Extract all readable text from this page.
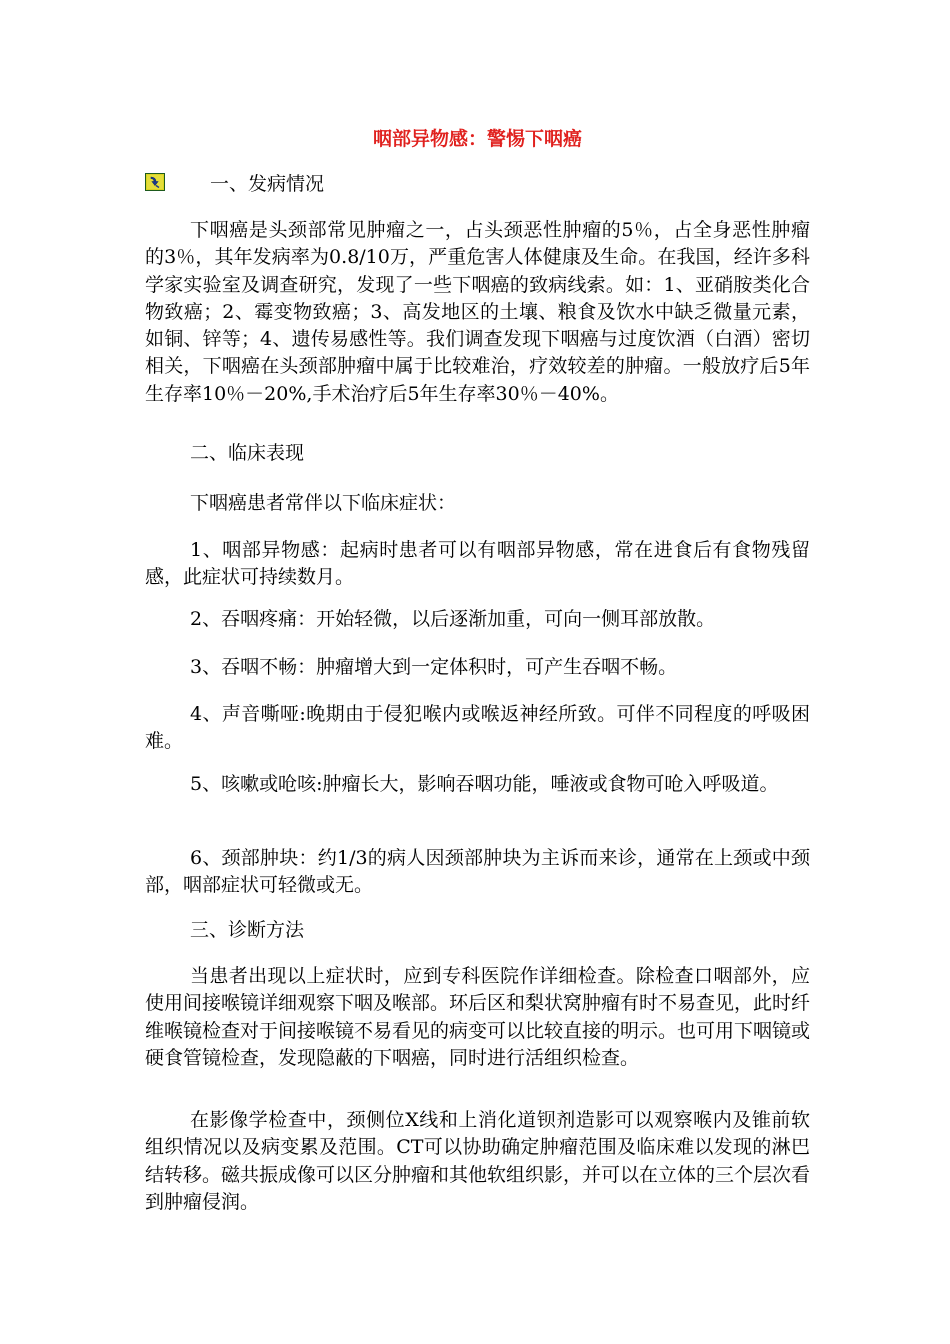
咽部异物感：警惕下咽癌
一、发病情况
下咽癌是头颈部常见肿瘤之一，占头颈恶性肿瘤的5％，占全身恶性肿瘤的3％，其年发病率为0.8/10万，严重危害人体健康及生命。在我国，经许多科学家实验室及调查研究，发现了一些下咽癌的致病线索。如：1、亚硝胺类化合物致癌；2、霉变物致癌；3、高发地区的土壤、粮食及饮水中缺乏微量元素，如铜、锌等；4、遗传易感性等。我们调查发现下咽癌与过度饮酒（白酒）密切相关，下咽癌在头颈部肿瘤中属于比较难治，疗效较差的肿瘤。一般放疗后5年生存率10％－20%,手术治疗后5年生存率30％－40%。
二、临床表现
下咽癌患者常伴以下临床症状：
1、咽部异物感：起病时患者可以有咽部异物感，常在进食后有食物残留感，此症状可持续数月。
2、吞咽疼痛：开始轻微，以后逐渐加重，可向一侧耳部放散。
3、吞咽不畅：肿瘤增大到一定体积时，可产生吞咽不畅。
4、声音嘶哑:晚期由于侵犯喉内或喉返神经所致。可伴不同程度的呼吸困难。
5、咳嗽或呛咳:肿瘤长大，影响吞咽功能，唾液或食物可呛入呼吸道。
6、颈部肿块：约1/3的病人因颈部肿块为主诉而来诊，通常在上颈或中颈部，咽部症状可轻微或无。
三、诊断方法
当患者出现以上症状时，应到专科医院作详细检查。除检查口咽部外，应使用间接喉镜详细观察下咽及喉部。环后区和梨状窝肿瘤有时不易查见，此时纤维喉镜检查对于间接喉镜不易看见的病变可以比较直接的明示。也可用下咽镜或硬食管镜检查，发现隐蔽的下咽癌，同时进行活组织检查。
在影像学检查中，颈侧位X线和上消化道钡剂造影可以观察喉内及锥前软组织情况以及病变累及范围。CT可以协助确定肿瘤范围及临床难以发现的淋巴结转移。磁共振成像可以区分肿瘤和其他软组织影，并可以在立体的三个层次看到肿瘤侵润。
